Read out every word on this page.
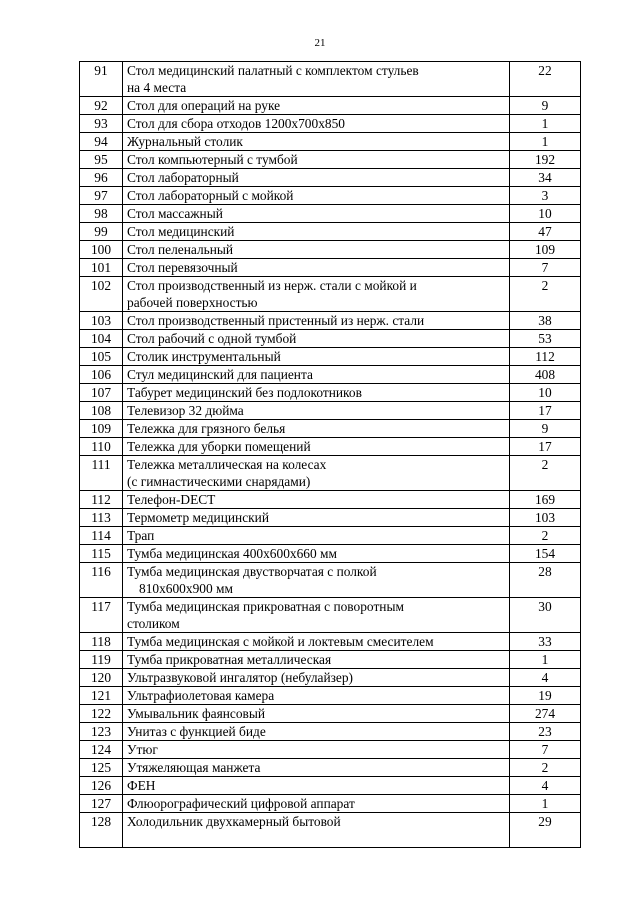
21
91	Стол медицинский палатный с комплектом стульев
на 4 места	22
92	Стол для операций на руке	9
93	Стол для сбора отходов 1200х700х850	1
94	Журнальный столик	1
95	Стол компьютерный с тумбой	192
96	Стол лабораторный	34
97	Стол лабораторный с мойкой	3
98	Стол массажный	10
99	Стол медицинский	47
100	Стол пеленальный	109
101	Стол перевязочный	7
102	Стол производственный из нерж. стали с мойкой и
рабочей поверхностью	2
103	Стол производственный пристенный из нерж. стали	38
104	Стол рабочий с одной тумбой	53
105	Столик инструментальный	112
106	Стул медицинский для пациента	408
107	Табурет медицинский без подлокотников	10
108	Телевизор 32 дюйма	17
109	Тележка для грязного белья	9
110	Тележка для уборки помещений	17
111	Тележка металлическая на колесах
(с гимнастическими снарядами)	2
112	Телефон-DECT	169
113	Термометр медицинский	103
114	Трап	2
115	Тумба медицинская 400х600х660 мм	154
116	Тумба медицинская двустворчатая с полкой
810х600х900 мм	28
117	Тумба медицинская прикроватная с поворотным
столиком	30
118	Тумба медицинская с мойкой и локтевым смесителем	33
119	Тумба прикроватная металлическая	1
120	Ультразвуковой ингалятор (небулайзер)	4
121	Ультрафиолетовая камера	19
122	Умывальник фаянсовый	274
123	Унитаз с функцией биде	23
124	Утюг	7
125	Утяжеляющая манжета	2
126	ФЕН	4
127	Флюорографический цифровой аппарат	1
128	Холодильник двухкамерный бытовой	29
